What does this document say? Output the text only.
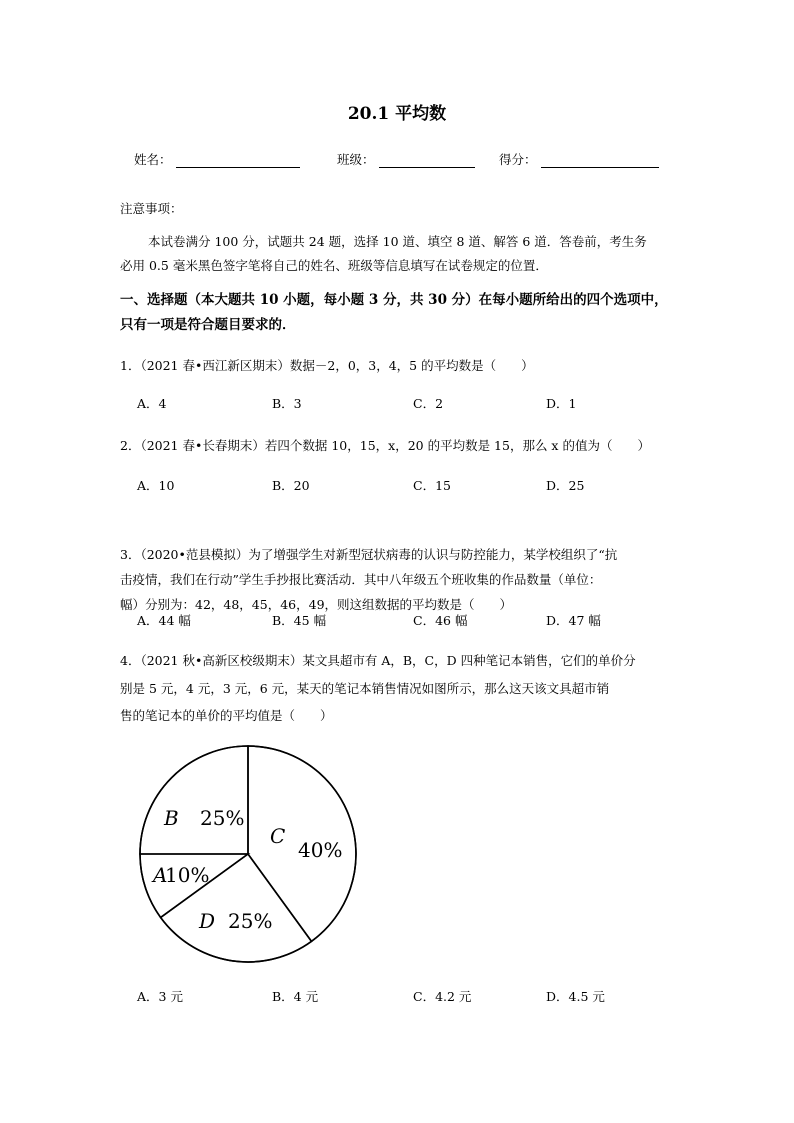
20.1 平均数
姓名：	班级：	得分：
注意事项：
本试卷满分 100 分，试题共 24 题，选择 10 道、填空 8 道、解答 6 道．答卷前，考生务
必用 0.5 毫米黑色签字笔将自己的姓名、班级等信息填写在试卷规定的位置．
一、选择题（本大题共 10 小题，每小题 3 分，共 30 分）在每小题所给出的四个选项中，
只有一项是符合题目要求的．
1．（2021 春•西江新区期末）数据－2，0，3，4，5 的平均数是（　　）
A．4	B．3	C．2	D．1
2．（2021 春•长春期末）若四个数据 10，15，x，20 的平均数是 15，那么 x 的值为（　　）
A．10	B．20	C．15	D．25
3．（2020•范县模拟）为了增强学生对新型冠状病毒的认识与防控能力，某学校组织了“抗
击疫情，我们在行动”学生手抄报比赛活动．其中八年级五个班收集的作品数量（单位：
幅）分别为：42，48，45，46，49，则这组数据的平均数是（　　）
A．44 幅	B．45 幅	C．46 幅	D．47 幅
4．（2021 秋•高新区校级期末）某文具超市有 A，B，C，D 四种笔记本销售，它们的单价分
别是 5 元，4 元，3 元，6 元，某天的笔记本销售情况如图所示，那么这天该文具超市销
售的笔记本的单价的平均值是（　　）
B 25%
C
40%
D 25%
A
10%
A．3 元	B．4 元	C．4.2 元	D．4.5 元
